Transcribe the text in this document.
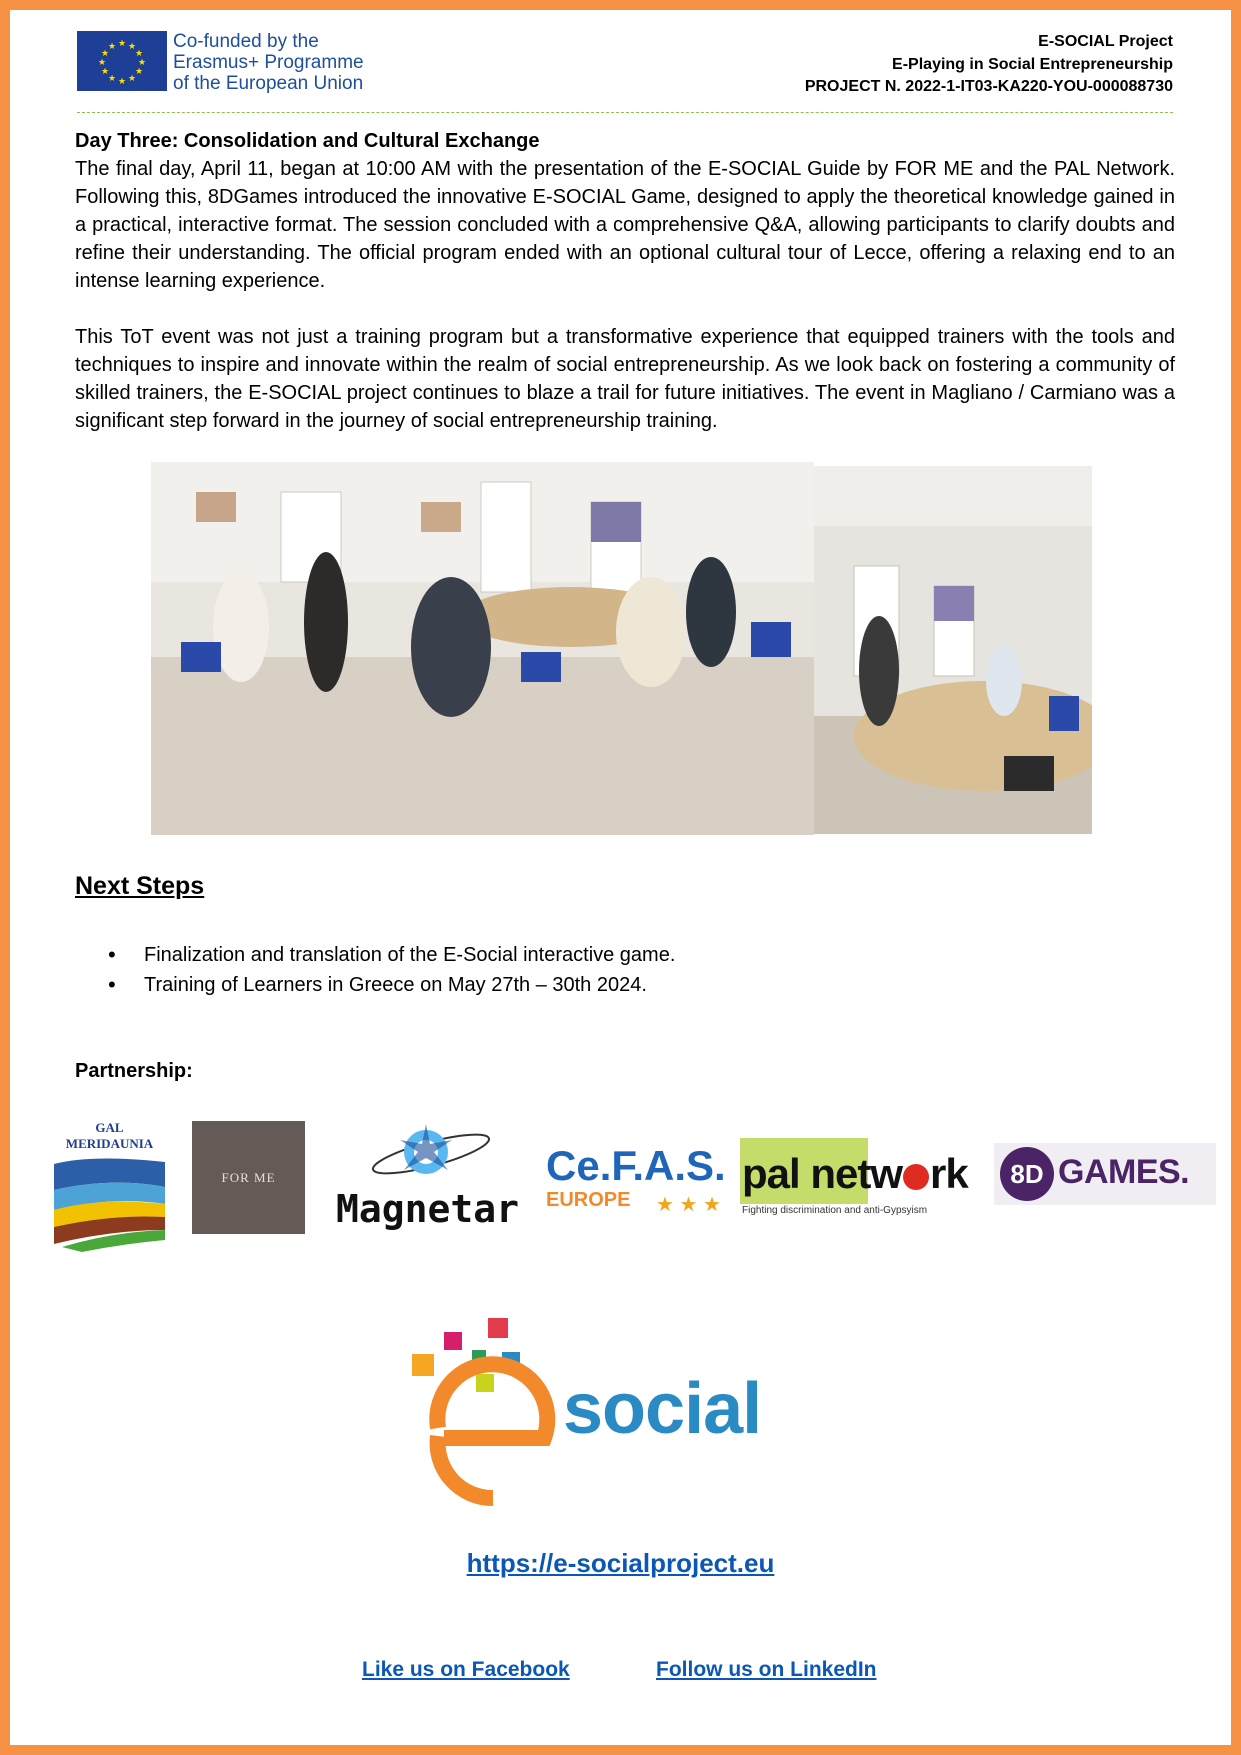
★ ★
★
★
★
★
★
★
★
★
★
★	Co-funded by the
Erasmus+ Programme
of the European Union
E-SOCIAL Project
E-Playing in Social Entrepreneurship
PROJECT N. 2022-1-IT03-KA220-YOU-000088730
Day Three: Consolidation and Cultural Exchange
The final day, April 11, began at 10:00 AM with the presentation of the E-SOCIAL Guide by FOR ME and the PAL Network. Following this, 8DGames introduced the innovative E-SOCIAL Game, designed to apply the theoretical knowledge gained in a practical, interactive format. The session concluded with a comprehensive Q&A, allowing participants to clarify doubts and refine their understanding. The official program ended with an optional cultural tour of Lecce, offering a relaxing end to an intense learning experience.
This ToT event was not just a training program but a transformative experience that equipped trainers with the tools and techniques to inspire and innovate within the realm of social entrepreneurship. As we look back on fostering a community of skilled trainers, the E-SOCIAL project continues to blaze a trail for future initiatives. The event in Magliano / Carmiano was a significant step forward in the journey of social entrepreneurship training.
Next Steps
• Finalization and translation of the E-Social interactive game.
• Training of Learners in Greece on May 27th – 30th 2024.
Partnership:
GAL MERIDAUNIA
FOR ME
Magnetar
Ce.F.A.S.
EUROPE	★ ★ ★
pal netw rk
Fighting discrimination and anti-Gypsyism
8D GAMES.
social
https://e-socialproject.eu
Like us on Facebook	Follow us on LinkedIn
